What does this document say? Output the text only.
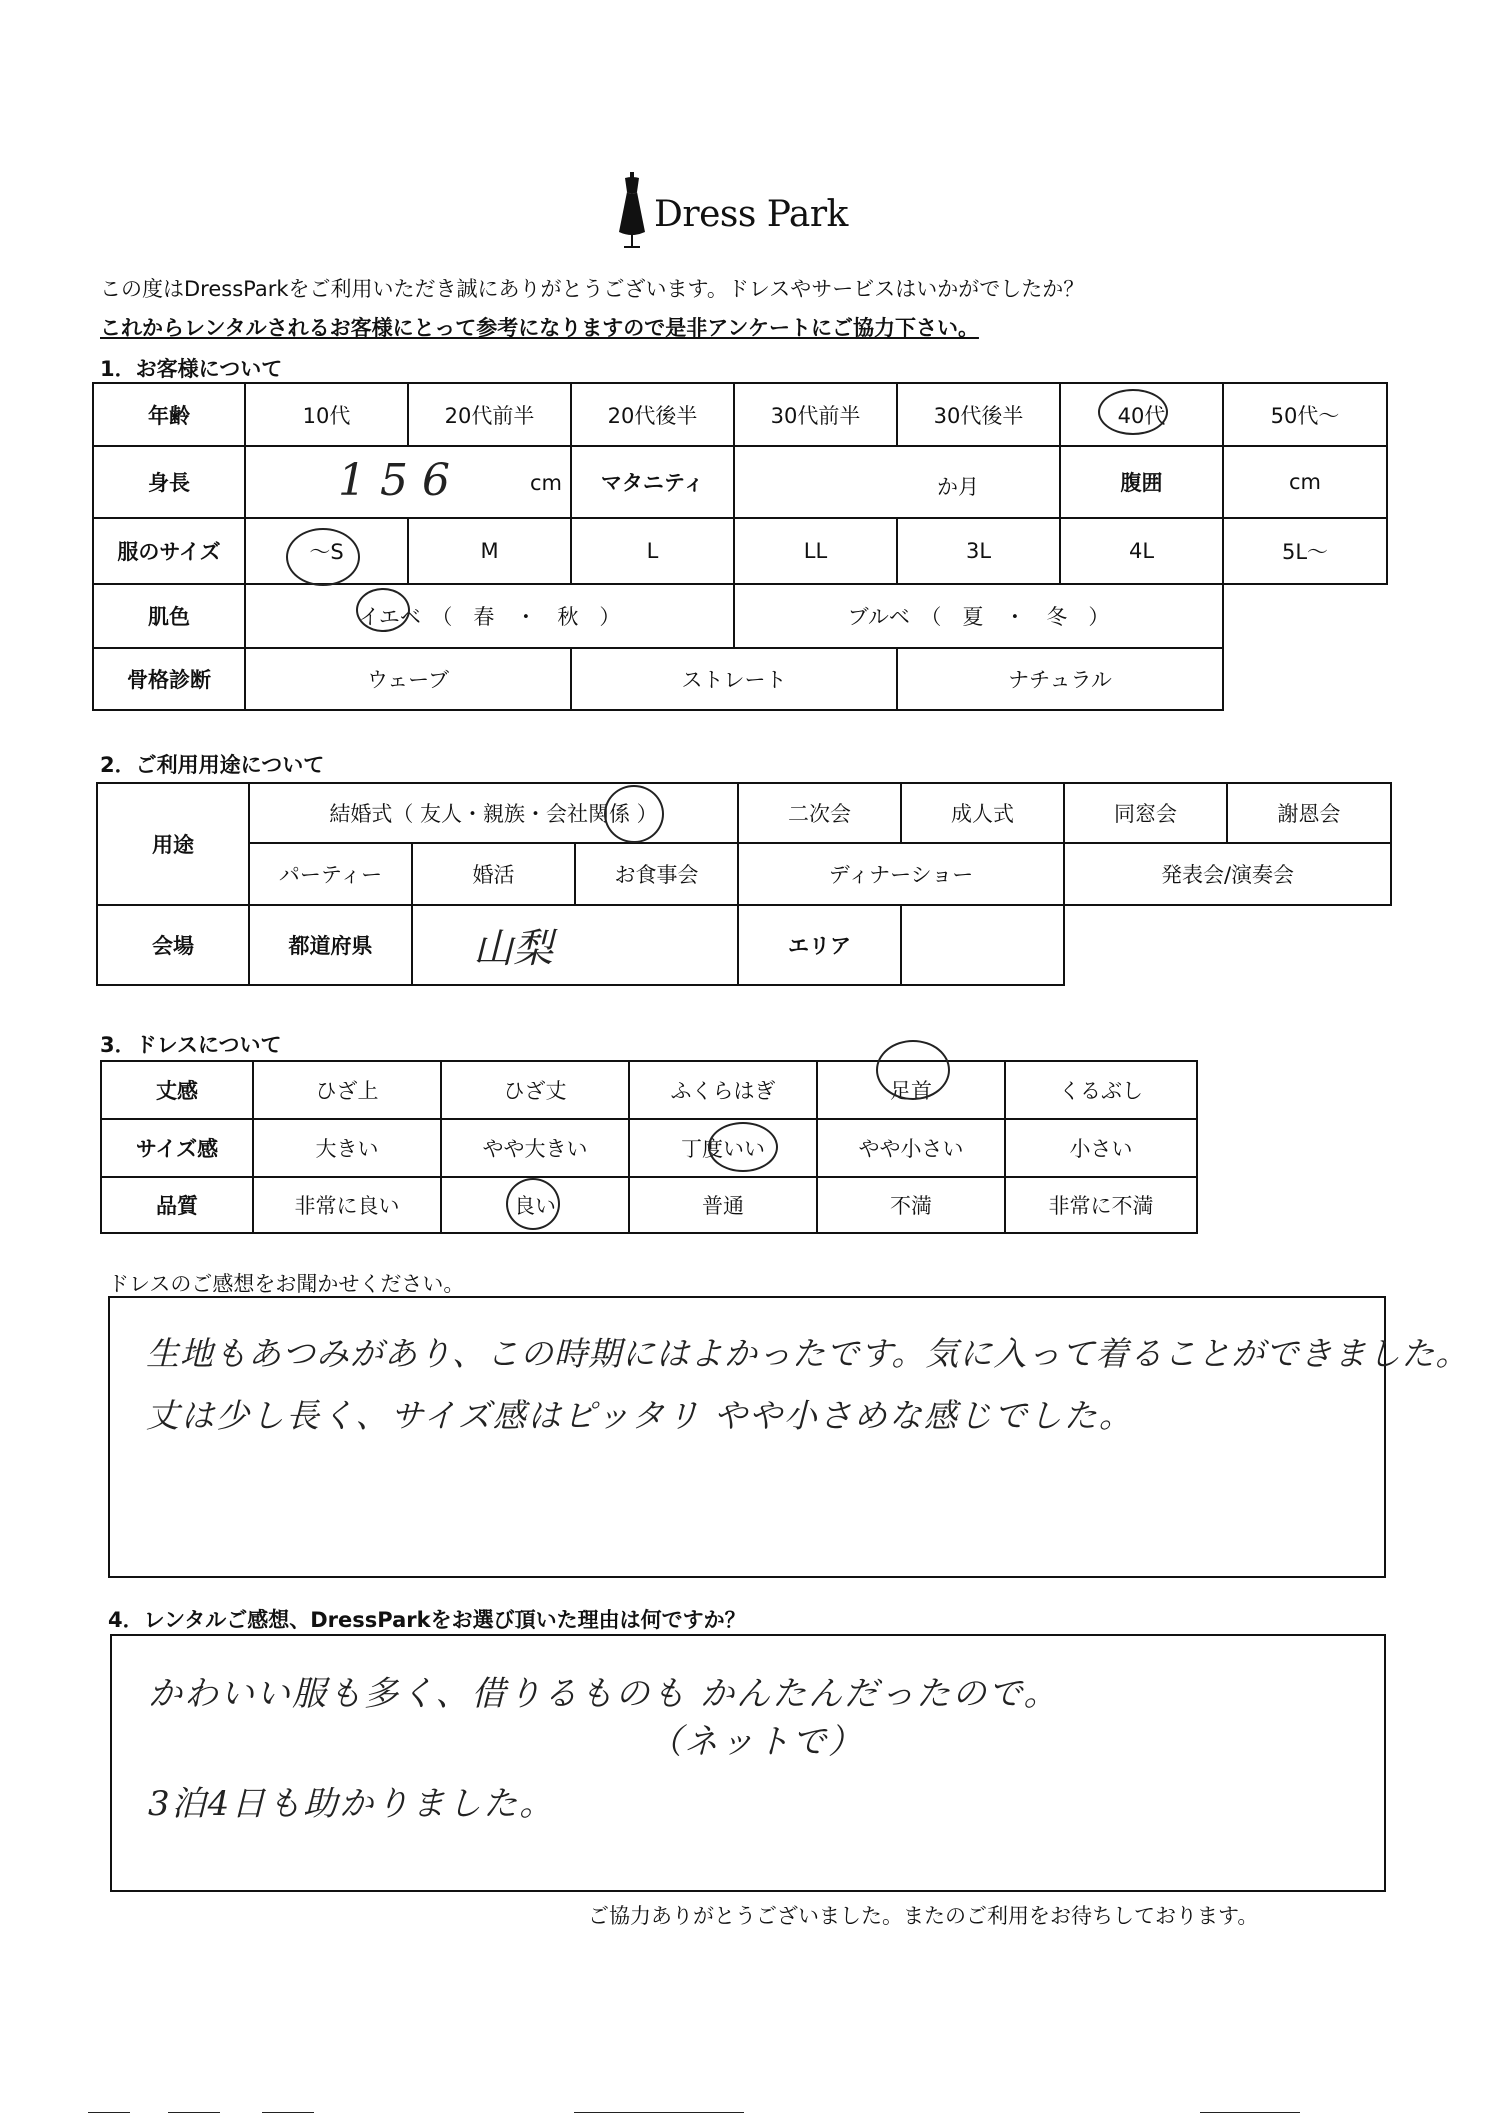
Dress Park
この度はDressParkをご利用いただき誠にありがとうございます。ドレスやサービスはいかがでしたか？
これからレンタルされるお客様にとって参考になりますので是非アンケートにご協力下さい。
1．お客様について
年齢	10代	20代前半	20代後半	30代前半	30代後半	40代	50代～
身長	156 cm		マタニティ	か月		腹囲	cm
服のサイズ	～S	M	L	LL	3L	4L	5L～
肌色	イエベ　（　春　・　秋　）			ブルベ　（　夏　・　冬　）			
骨格診断	ウェーブ		ストレート		ナチュラル		
2．ご利用用途について
用途	結婚式（ 友人・親族・会社関係 ）			二次会	成人式	同窓会	謝恩会
	パーティー	婚活	お食事会	ディナーショー		発表会/演奏会	
会場	都道府県	山梨		エリア			
3．ドレスについて
丈感	ひざ上	ひざ丈	ふくらはぎ	足首	くるぶし
サイズ感	大きい	やや大きい	丁度いい	やや小さい	小さい
品質	非常に良い	良い	普通	不満	非常に不満
ドレスのご感想をお聞かせください。
生地もあつみがあり、この時期にはよかったです。気に入って着ることができました。
丈は少し長く、サイズ感はピッタリ やや小さめな感じでした。
4．レンタルご感想、DressParkをお選び頂いた理由は何ですか？
かわいい服も多く、借りるものも かんたんだったので。
（ネットで）
3泊4日も助かりました。
ご協力ありがとうございました。またのご利用をお待ちしております。
